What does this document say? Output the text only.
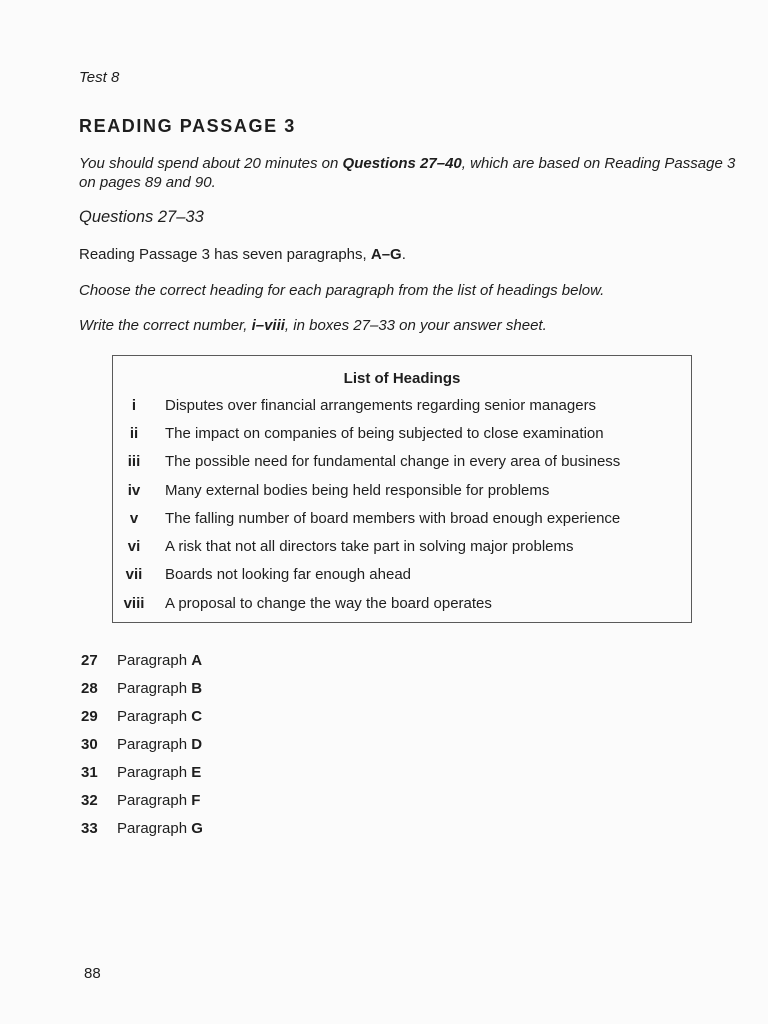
Test 8
READING PASSAGE 3
You should spend about 20 minutes on Questions 27–40, which are based on Reading Passage 3 on pages 89 and 90.
Questions 27–33
Reading Passage 3 has seven paragraphs, A–G.
Choose the correct heading for each paragraph from the list of headings below.
Write the correct number, i–viii, in boxes 27–33 on your answer sheet.
List of Headings
i	Disputes over financial arrangements regarding senior managers
ii	The impact on companies of being subjected to close examination
iii	The possible need for fundamental change in every area of business
iv	Many external bodies being held responsible for problems
v	The falling number of board members with broad enough experience
vi	A risk that not all directors take part in solving major problems
vii	Boards not looking far enough ahead
viii	A proposal to change the way the board operates
27 Paragraph A
28 Paragraph B
29 Paragraph C
30 Paragraph D
31 Paragraph E
32 Paragraph F
33 Paragraph G
88
